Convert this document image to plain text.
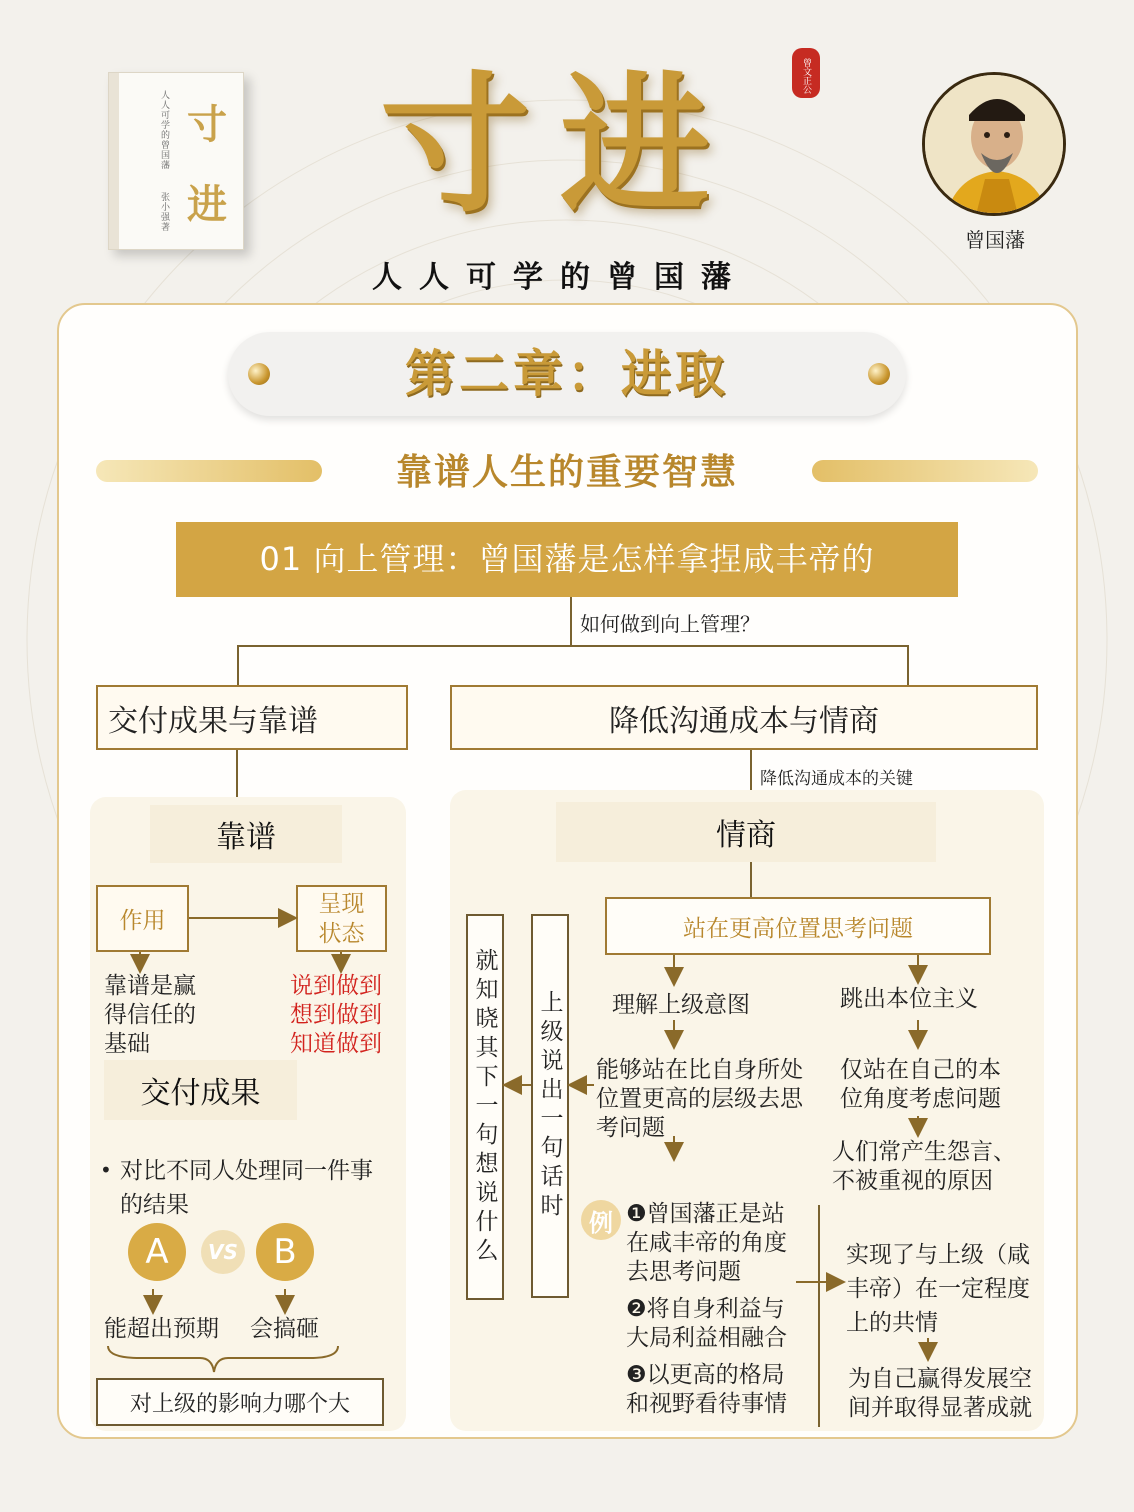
人人可学的曾国藩
张小强 著
寸
进 寸进	曾文正公
人人可学的曾国藩
曾国藩
第二章：进取
靠谱人生的重要智慧
01 向上管理：曾国藩是怎样拿捏咸丰帝的
如何做到向上管理？
交付成果与靠谱	降低沟通成本与情商
降低沟通成本的关键
靠谱
作用
呈现
状态
靠谱是赢
得信任的
基础
说到做到
想到做到
知道做到
交付成果
• 对比不同人处理同一件事
的结果
A	VS	B
能超出预期 会搞砸
对上级的影响力哪个大
情商
站在更高位置思考问题
理解上级意图	跳出本位主义
能够站在比自身所处
位置更高的层级去思
考问题
仅站在自己的本
位角度考虑问题
人们常产生怨言、
不被重视的原因
上级说出一句话时
就知晓其下一句想说什么	例 ❶曾国藩正是站
在咸丰帝的角度
去思考问题
❷将自身利益与
大局利益相融合
❸以更高的格局
和视野看待事情
实现了与上级（咸
丰帝）在一定程度
上的共情
为自己赢得发展空
间并取得显著成就
